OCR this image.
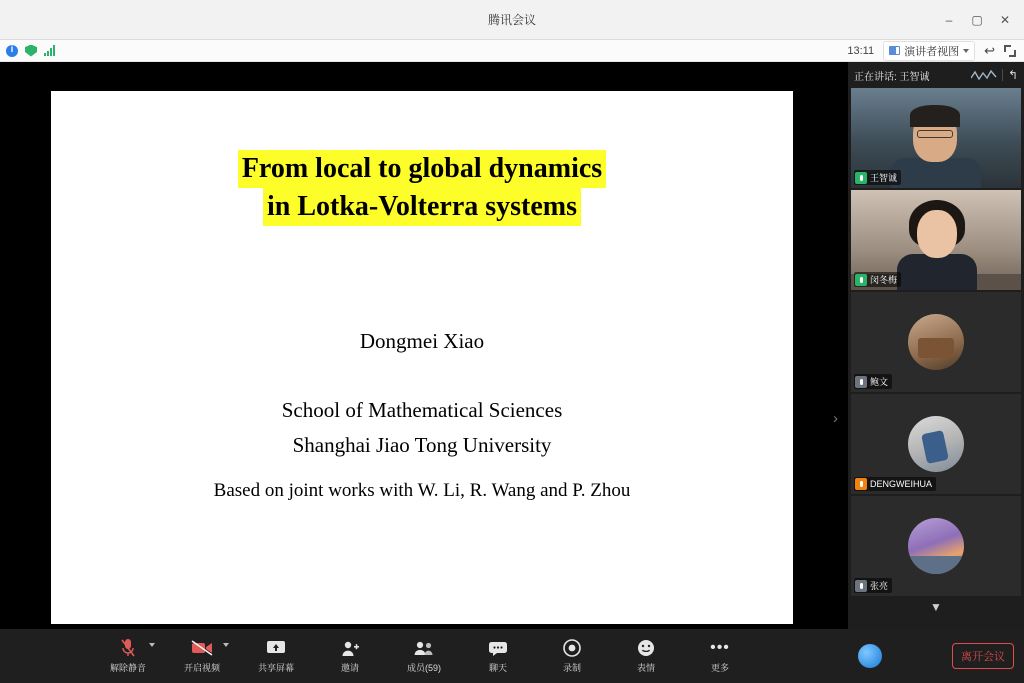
腾讯会议	–	▢	✕
i
13:11	演讲者视图 ↩
From local to global dynamics
in Lotka-Volterra systems
Dongmei Xiao
School of Mathematical Sciences
Shanghai Jiao Tong University
Based on joint works with W. Li, R. Wang and P. Zhou
›
正在讲话: 王智诚	↰
王智诚
闵冬梅
鲍文
DENGWEIHUA
张亮
▼
解除静音	开启视频	共享屏幕	邀请	成员(59)	聊天	录制	表情
•••
更多
离开会议
